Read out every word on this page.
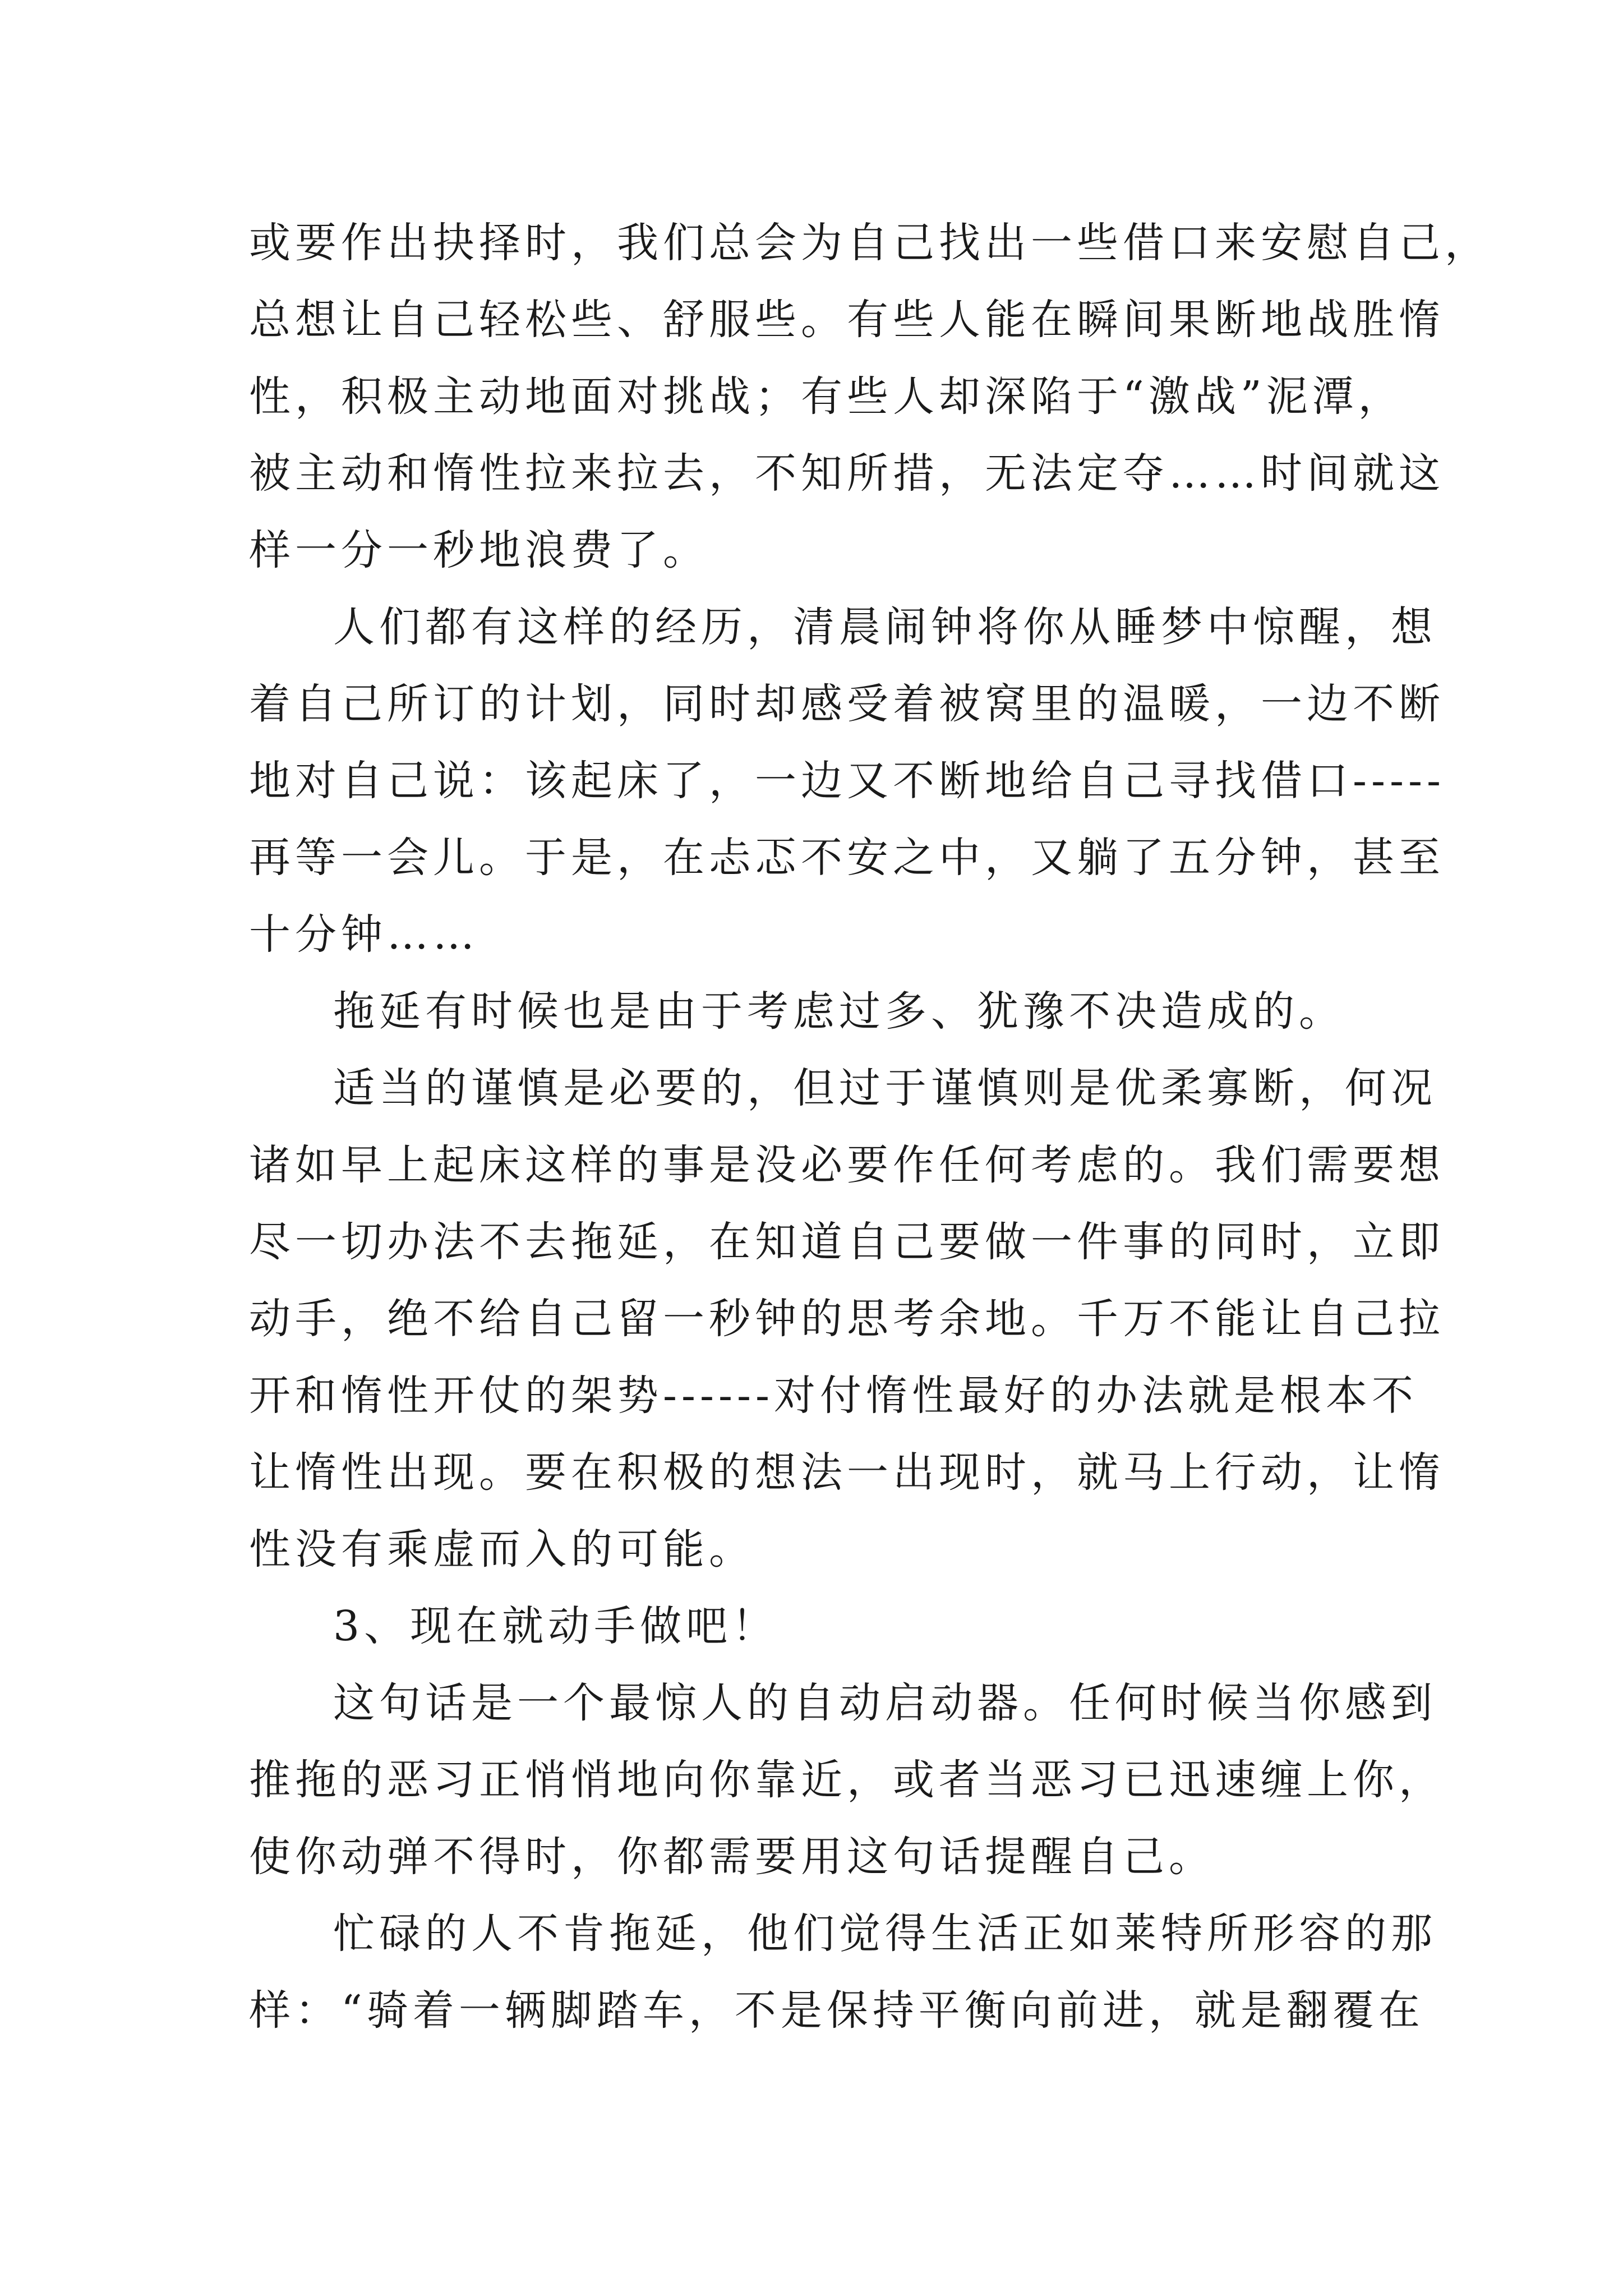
或要作出抉择时，我们总会为自己找出一些借口来安慰自己，
总想让自己轻松些、舒服些。有些人能在瞬间果断地战胜惰
性，积极主动地面对挑战；有些人却深陷于“激战”泥潭，
被主动和惰性拉来拉去，不知所措，无法定夺……时间就这
样一分一秒地浪费了。
人们都有这样的经历，清晨闹钟将你从睡梦中惊醒，想
着自己所订的计划，同时却感受着被窝里的温暖，一边不断
地对自己说：该起床了，一边又不断地给自己寻找借口-----
再等一会儿。于是，在忐忑不安之中，又躺了五分钟，甚至
十分钟……
拖延有时候也是由于考虑过多、犹豫不决造成的。
适当的谨慎是必要的，但过于谨慎则是优柔寡断，何况
诸如早上起床这样的事是没必要作任何考虑的。我们需要想
尽一切办法不去拖延，在知道自己要做一件事的同时，立即
动手，绝不给自己留一秒钟的思考余地。千万不能让自己拉
开和惰性开仗的架势------对付惰性最好的办法就是根本不
让惰性出现。要在积极的想法一出现时，就马上行动，让惰
性没有乘虚而入的可能。
3、现在就动手做吧！
这句话是一个最惊人的自动启动器。任何时候当你感到
推拖的恶习正悄悄地向你靠近，或者当恶习已迅速缠上你，
使你动弹不得时，你都需要用这句话提醒自己。
忙碌的人不肯拖延，他们觉得生活正如莱特所形容的那
样：“骑着一辆脚踏车，不是保持平衡向前进，就是翻覆在
